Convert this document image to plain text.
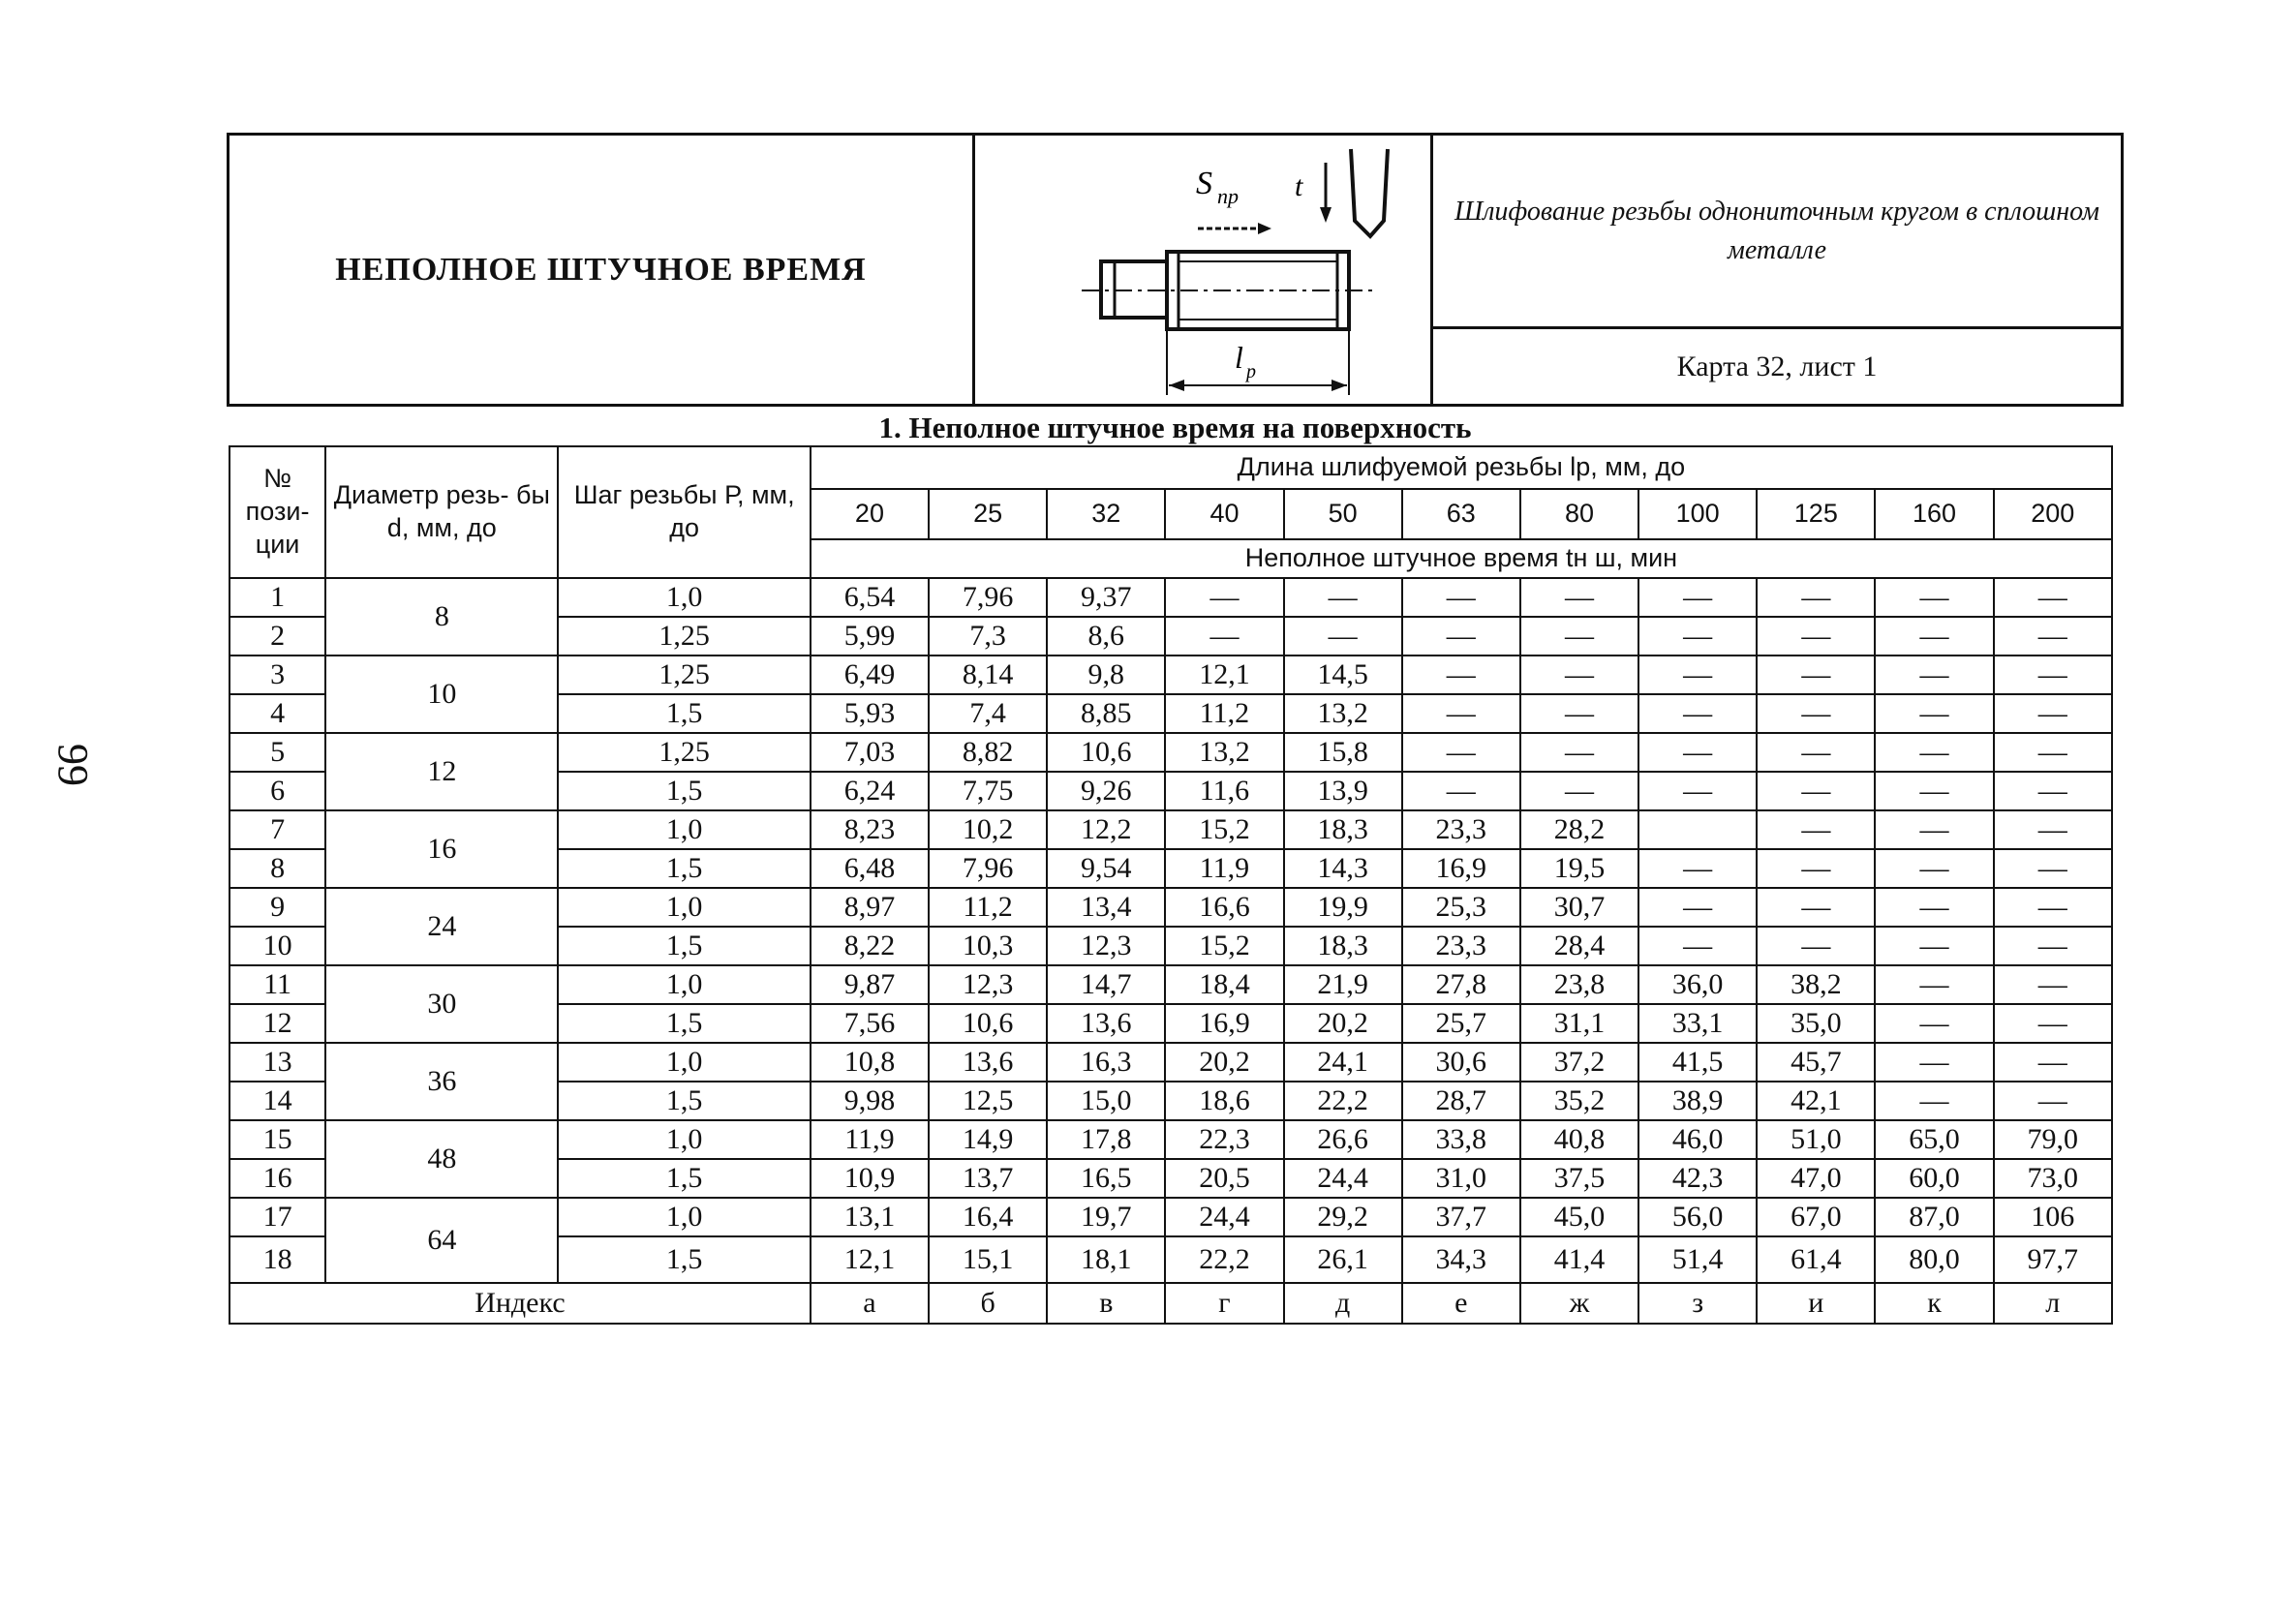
99
НЕПОЛНОЕ ШТУЧНОЕ ВРЕМЯ
S пр t
l р
Шлифование резьбы однониточным кругом в сплошном металле
Карта 32, лист 1
1. Неполное штучное время на поверхность
№ пози- ции	Диаметр резь- бы d, мм, до	Шаг резьбы Р, мм, до	Длина шлифуемой резьбы lр, мм, до										
			20	25	32	40	50	63	80	100	125	160	200
			Неполное штучное время tн ш, мин										
1	8	1,0	6,54	7,96	9,37	—	—	—	—	—	—	—	—
2		1,25	5,99	7,3	8,6	—	—	—	—	—	—	—	—
3	10	1,25	6,49	8,14	9,8	12,1	14,5	—	—	—	—	—	—
4		1,5	5,93	7,4	8,85	11,2	13,2	—	—	—	—	—	—
5	12	1,25	7,03	8,82	10,6	13,2	15,8	—	—	—	—	—	—
6		1,5	6,24	7,75	9,26	11,6	13,9	—	—	—	—	—	—
7	16	1,0	8,23	10,2	12,2	15,2	18,3	23,3	28,2		—	—	—
8		1,5	6,48	7,96	9,54	11,9	14,3	16,9	19,5	—	—	—	—
9	24	1,0	8,97	11,2	13,4	16,6	19,9	25,3	30,7	—	—	—	—
10		1,5	8,22	10,3	12,3	15,2	18,3	23,3	28,4	—	—	—	—
11	30	1,0	9,87	12,3	14,7	18,4	21,9	27,8	23,8	36,0	38,2	—	—
12		1,5	7,56	10,6	13,6	16,9	20,2	25,7	31,1	33,1	35,0	—	—
13	36	1,0	10,8	13,6	16,3	20,2	24,1	30,6	37,2	41,5	45,7	—	—
14		1,5	9,98	12,5	15,0	18,6	22,2	28,7	35,2	38,9	42,1	—	—
15	48	1,0	11,9	14,9	17,8	22,3	26,6	33,8	40,8	46,0	51,0	65,0	79,0
16		1,5	10,9	13,7	16,5	20,5	24,4	31,0	37,5	42,3	47,0	60,0	73,0
17	64	1,0	13,1	16,4	19,7	24,4	29,2	37,7	45,0	56,0	67,0	87,0	106
18		1,5	12,1	15,1	18,1	22,2	26,1	34,3	41,4	51,4	61,4	80,0	97,7
Индекс			а	б	в	г	д	е	ж	з	и	к	л
